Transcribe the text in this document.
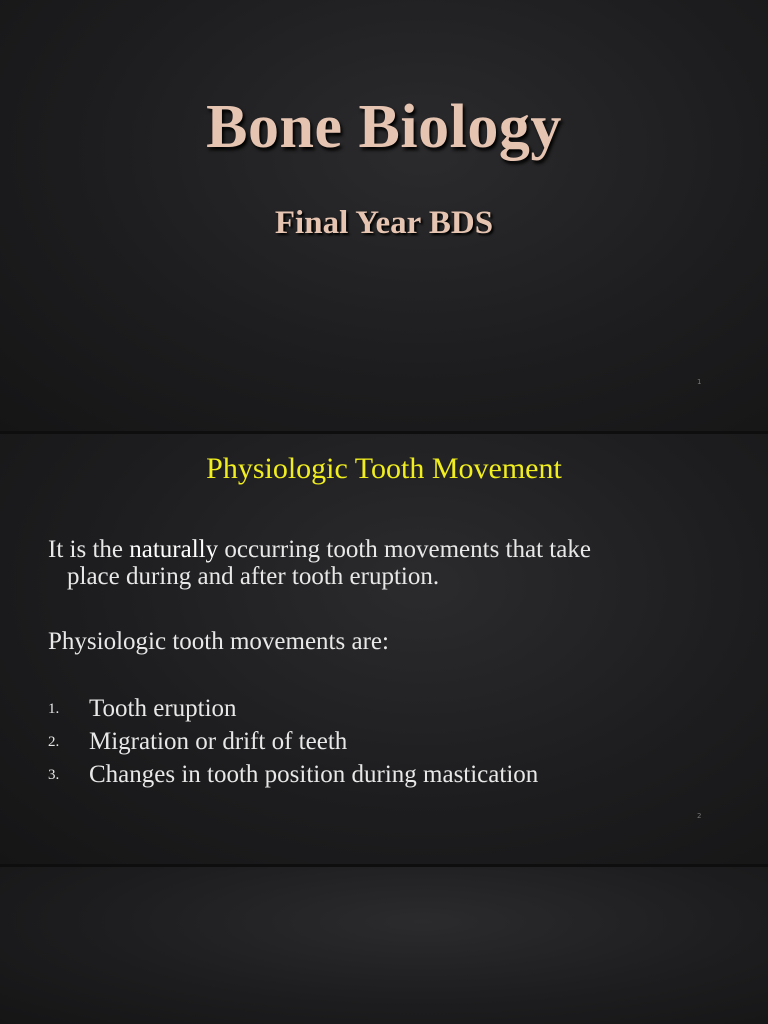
Bone Biology
Final Year BDS
1
Physiologic Tooth Movement
It is the naturally occurring tooth movements that take
place during and after tooth eruption.
Physiologic tooth movements are:
1. Tooth eruption
2. Migration or drift of teeth
3. Changes in tooth position during mastication
2
